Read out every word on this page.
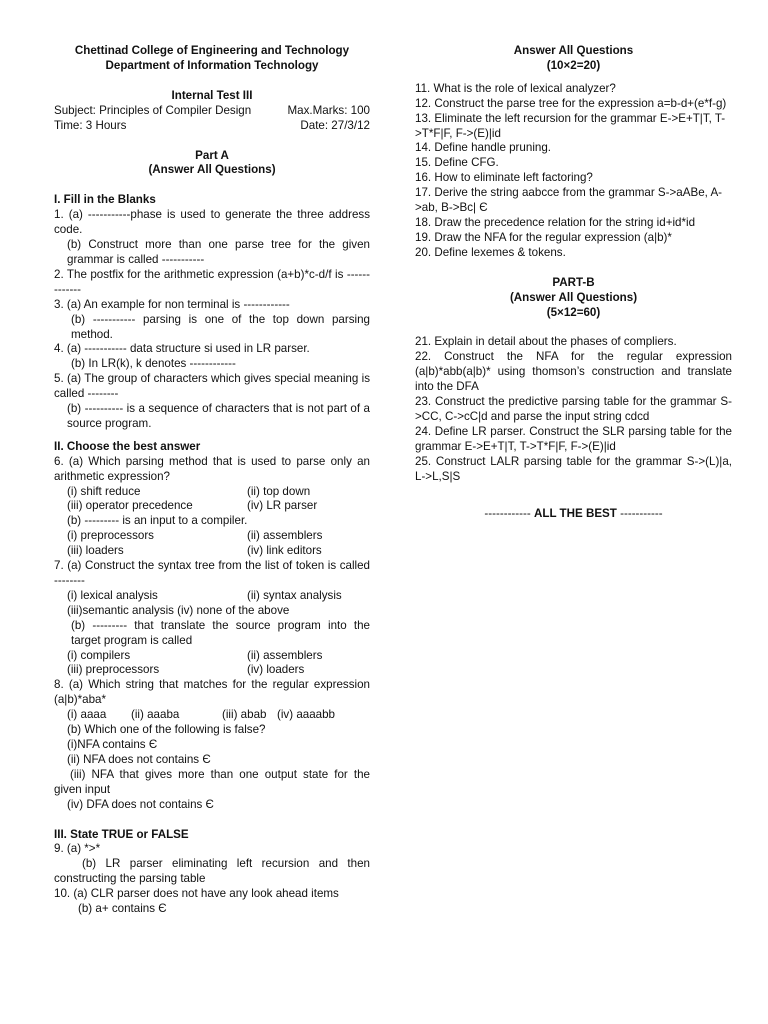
Chettinad College of Engineering and Technology
Department of Information Technology
Internal Test III
Subject: Principles of Compiler Design	Max.Marks: 100
Time: 3 Hours	Date: 27/3/12
Part A
(Answer All Questions)
I. Fill in the Blanks
1. (a) -----------phase is used to generate the three address code.
(b) Construct more than one parse tree for the given grammar is called -----------
2. The postfix for the arithmetic expression (a+b)*c-d/f is -------------
3. (a) An example for non terminal is ------------
(b) ----------- parsing is one of the top down parsing method.
4. (a) ----------- data structure si used in LR parser.
(b) In LR(k), k denotes ------------
5. (a) The group of characters which gives special meaning is called --------
(b) ---------- is a sequence of characters that is not part of a source program.
II. Choose the best answer
6. (a) Which parsing method that is used to parse only an arithmetic expression?
(i) shift reduce	(ii) top down
(iii) operator precedence	(iv) LR parser
(b) --------- is an input to a compiler.
(i) preprocessors	(ii) assemblers
(iii) loaders	(iv) link editors
7. (a) Construct the syntax tree from the list of token is called --------
(i) lexical analysis	(ii) syntax analysis
(iii)semantic analysis (iv) none of the above
(b) --------- that translate the source program into the target program is called
(i) compilers	(ii) assemblers
(iii) preprocessors	(iv) loaders
8. (a) Which string that matches for the regular expression (a|b)*aba*
(i) aaaa	(ii) aaaba	(iii) abab (iv) aaaabb
(b) Which one of the following is false?
(i)NFA contains Є
(ii) NFA does not contains Є
(iii) NFA that gives more than one output state for the given input
(iv) DFA does not contains Є
III. State TRUE or FALSE
9. (a) *>*
(b) LR parser eliminating left recursion and then constructing the parsing table
10. (a) CLR parser does not have any look ahead items
(b) a+ contains Є
Answer All Questions
(10×2=20)
11. What is the role of lexical analyzer?
12. Construct the parse tree for the expression a=b-d+(e*f-g)
13. Eliminate the left recursion for the grammar E->E+T|T, T->T*F|F, F->(E)|id
14. Define handle pruning.
15. Define CFG.
16. How to eliminate left factoring?
17. Derive the string aabcce from the grammar S->aABe, A->ab, B->Bc| Є
18. Draw the precedence relation for the string id+id*id
19. Draw the NFA for the regular expression (a|b)*
20. Define lexemes & tokens.
PART-B
(Answer All Questions)
(5×12=60)
21. Explain in detail about the phases of compliers.
22. Construct the NFA for the regular expression (a|b)*abb(a|b)* using thomson’s construction and translate into the DFA
23. Construct the predictive parsing table for the grammar S->CC, C->cC|d and parse the input string cdcd
24. Define LR parser. Construct the SLR parsing table for the grammar E->E+T|T, T->T*F|F, F->(E)|id
25. Construct LALR parsing table for the grammar S->(L)|a, L->L,S|S
------------ ALL THE BEST -----------
